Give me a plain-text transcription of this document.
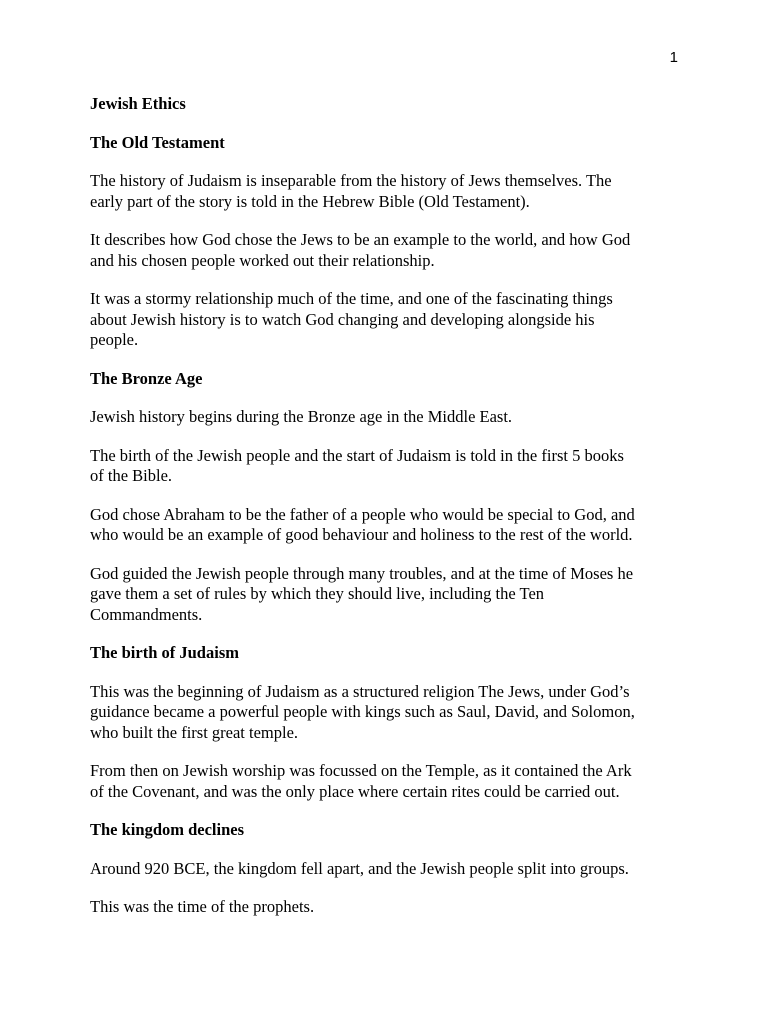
1
Jewish Ethics
The Old Testament
The history of Judaism is inseparable from the history of Jews themselves. The
early part of the story is told in the Hebrew Bible (Old Testament).
It describes how God chose the Jews to be an example to the world, and how God
and his chosen people worked out their relationship.
It was a stormy relationship much of the time, and one of the fascinating things
about Jewish history is to watch God changing and developing alongside his
people.
The Bronze Age
Jewish history begins during the Bronze age in the Middle East.
The birth of the Jewish people and the start of Judaism is told in the first 5 books
of the Bible.
God chose Abraham to be the father of a people who would be special to God, and
who would be an example of good behaviour and holiness to the rest of the world.
God guided the Jewish people through many troubles, and at the time of Moses he
gave them a set of rules by which they should live, including the Ten
Commandments.
The birth of Judaism
This was the beginning of Judaism as a structured religion The Jews, under God’s
guidance became a powerful people with kings such as Saul, David, and Solomon,
who built the first great temple.
From then on Jewish worship was focussed on the Temple, as it contained the Ark
of the Covenant, and was the only place where certain rites could be carried out.
The kingdom declines
Around 920 BCE, the kingdom fell apart, and the Jewish people split into groups.
This was the time of the prophets.
